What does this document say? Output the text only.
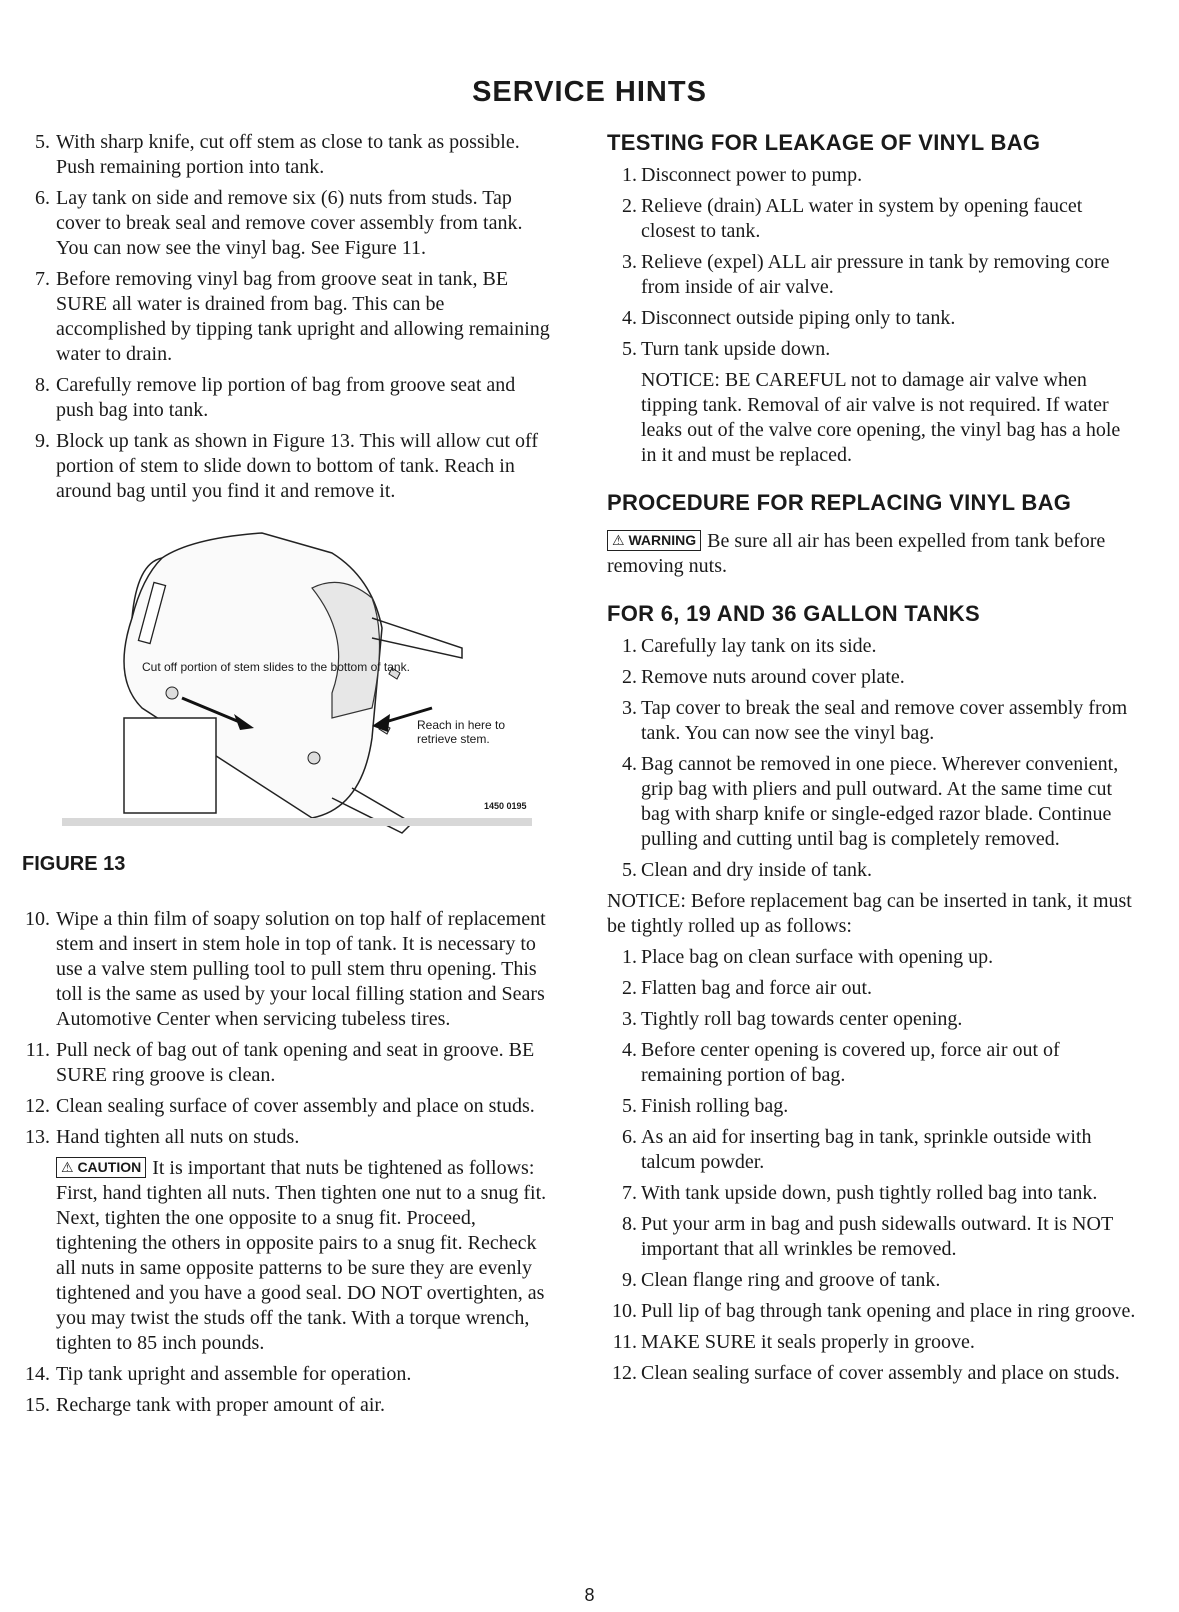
SERVICE HINTS
5. With sharp knife, cut off stem as close to tank as possible. Push remaining portion into tank.
6. Lay tank on side and remove six (6) nuts from studs. Tap cover to break seal and remove cover assembly from tank. You can now see the vinyl bag. See Figure 11.
7. Before removing vinyl bag from groove seat in tank, BE SURE all water is drained from bag. This can be accomplished by tipping tank upright and allowing remaining water to drain.
8. Carefully remove lip portion of bag from groove seat and push bag into tank.
9. Block up tank as shown in Figure 13. This will allow cut off portion of stem to slide down to bottom of tank. Reach in around bag until you find it and remove it.
Cut off portion of stem slides to the bottom of tank.
Reach in here to retrieve stem.
1450 0195
FIGURE 13
10. Wipe a thin film of soapy solution on top half of replacement stem and insert in stem hole in top of tank. It is necessary to use a valve stem pulling tool to pull stem thru opening. This toll is the same as used by your local filling station and Sears Automotive Center when servicing tubeless tires.
11. Pull neck of bag out of tank opening and seat in groove. BE SURE ring groove is clean.
12. Clean sealing surface of cover assembly and place on studs.
13. Hand tighten all nuts on studs.
⚠ CAUTION It is important that nuts be tightened as follows: First, hand tighten all nuts. Then tighten one nut to a snug fit. Next, tighten the one opposite to a snug fit. Proceed, tightening the others in opposite pairs to a snug fit. Recheck all nuts in same opposite patterns to be sure they are evenly tightened and you have a good seal. DO NOT overtighten, as you may twist the studs off the tank. With a torque wrench, tighten to 85 inch pounds.
14. Tip tank upright and assemble for operation.
15. Recharge tank with proper amount of air.
TESTING FOR LEAKAGE OF VINYL BAG
1. Disconnect power to pump.
2. Relieve (drain) ALL water in system by opening faucet closest to tank.
3. Relieve (expel) ALL air pressure in tank by removing core from inside of air valve.
4. Disconnect outside piping only to tank.
5. Turn tank upside down.
NOTICE: BE CAREFUL not to damage air valve when tipping tank. Removal of air valve is not required. If water leaks out of the valve core opening, the vinyl bag has a hole in it and must be replaced.
PROCEDURE FOR REPLACING VINYL BAG
⚠ WARNING Be sure all air has been expelled from tank before removing nuts.
FOR 6, 19 AND 36 GALLON TANKS
1. Carefully lay tank on its side.
2. Remove nuts around cover plate.
3. Tap cover to break the seal and remove cover assembly from tank. You can now see the vinyl bag.
4. Bag cannot be removed in one piece. Wherever convenient, grip bag with pliers and pull outward. At the same time cut bag with sharp knife or single-edged razor blade. Continue pulling and cutting until bag is completely removed.
5. Clean and dry inside of tank.
NOTICE: Before replacement bag can be inserted in tank, it must be tightly rolled up as follows:
1. Place bag on clean surface with opening up.
2. Flatten bag and force air out.
3. Tightly roll bag towards center opening.
4. Before center opening is covered up, force air out of remaining portion of bag.
5. Finish rolling bag.
6. As an aid for inserting bag in tank, sprinkle outside with talcum powder.
7. With tank upside down, push tightly rolled bag into tank.
8. Put your arm in bag and push sidewalls outward. It is NOT important that all wrinkles be removed.
9. Clean flange ring and groove of tank.
10. Pull lip of bag through tank opening and place in ring groove.
11. MAKE SURE it seals properly in groove.
12. Clean sealing surface of cover assembly and place on studs.
8
